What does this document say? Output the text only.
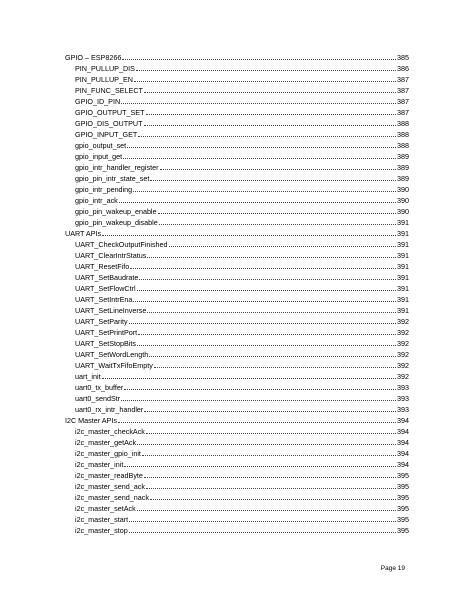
GPIO – ESP8266	385
PIN_PULLUP_DIS	386
PIN_PULLUP_EN	387
PIN_FUNC_SELECT	387
GPIO_ID_PIN	387
GPIO_OUTPUT_SET	387
GPIO_DIS_OUTPUT	388
GPIO_INPUT_GET	388
gpio_output_set	388
gpio_input_get	389
gpio_intr_handler_register	389
gpio_pin_intr_state_set	389
gpio_intr_pending	390
gpio_intr_ack	390
gpio_pin_wakeup_enable	390
gpio_pin_wakeup_disable	391
UART APIs	391
UART_CheckOutputFinished	391
UART_ClearIntrStatus	391
UART_ResetFifo	391
UART_SetBaudrate	391
UART_SetFlowCtrl	391
UART_SetIntrEna	391
UART_SetLineInverse	391
UART_SetParity	392
UART_SetPrintPort	392
UART_SetStopBits	392
UART_SetWordLength	392
UART_WaitTxFifoEmpty	392
uart_init	392
uart0_tx_buffer	393
uart0_sendStr	393
uart0_rx_intr_handler	393
I2C Master APIs	394
i2c_master_checkAck	394
i2c_master_getAck	394
i2c_master_gpio_init	394
i2c_master_init	394
i2c_master_readByte	395
i2c_master_send_ack	395
i2c_master_send_nack	395
i2c_master_setAck	395
i2c_master_start	395
i2c_master_stop	395
Page 19
